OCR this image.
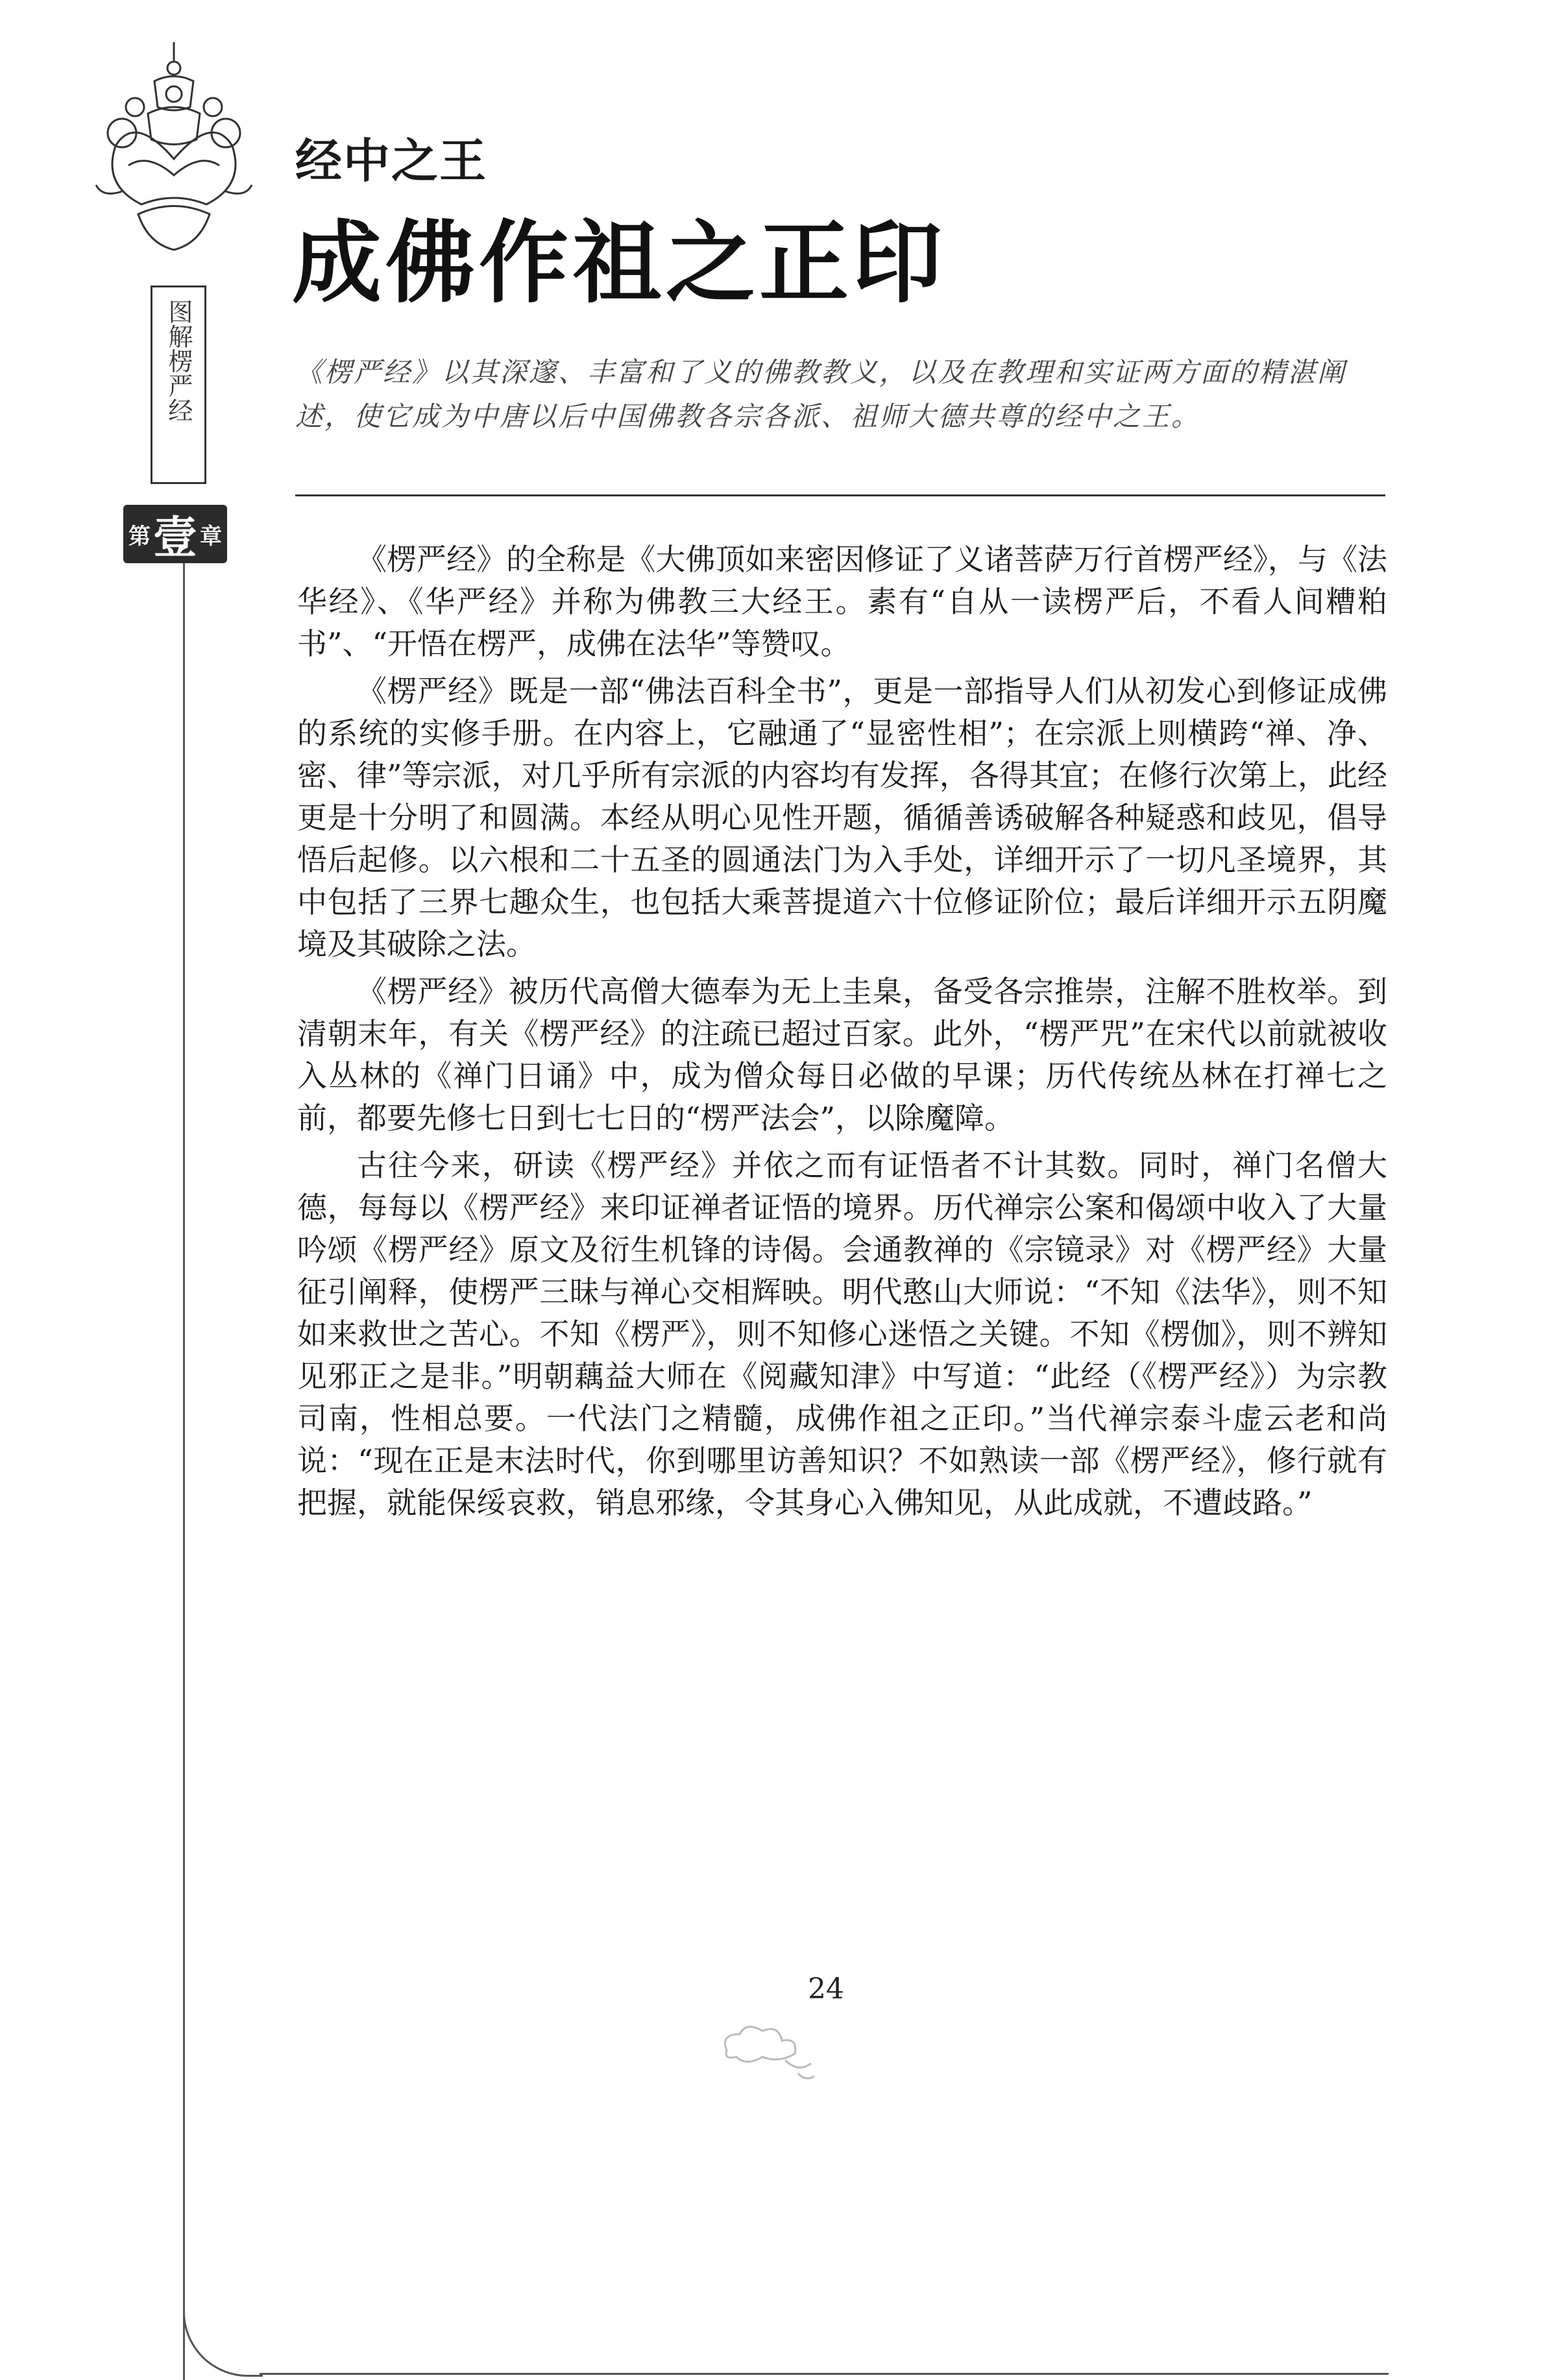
图
解
楞
严
经
第 壹 章
经中之王
成佛作祖之正印
《楞严经》以其深邃、丰富和了义的佛教教义，以及在教理和实证两方面的精湛阐述，使它成为中唐以后中国佛教各宗各派、祖师大德共尊的经中之王。

《楞严经》的全称是《大佛顶如来密因修证了义诸菩萨万行首楞严经》，与《法华经》、《华严经》并称为佛教三大经王。素有“自从一读楞严后，不看人间糟粕书”、“开悟在楞严，成佛在法华”等赞叹。

《楞严经》既是一部“佛法百科全书”，更是一部指导人们从初发心到修证成佛的系统的实修手册。在内容上，它融通了“显密性相”；在宗派上则横跨“禅、净、密、律”等宗派，对几乎所有宗派的内容均有发挥，各得其宜；在修行次第上，此经更是十分明了和圆满。本经从明心见性开题，循循善诱破解各种疑惑和歧见，倡导悟后起修。以六根和二十五圣的圆通法门为入手处，详细开示了一切凡圣境界，其中包括了三界七趣众生，也包括大乘菩提道六十位修证阶位；最后详细开示五阴魔境及其破除之法。

《楞严经》被历代高僧大德奉为无上圭臬，备受各宗推崇，注解不胜枚举。到清朝末年，有关《楞严经》的注疏已超过百家。此外，“楞严咒”在宋代以前就被收入丛林的《禅门日诵》中，成为僧众每日必做的早课；历代传统丛林在打禅七之前，都要先修七日到七七日的“楞严法会”，以除魔障。

古往今来，研读《楞严经》并依之而有证悟者不计其数。同时，禅门名僧大德，每每以《楞严经》来印证禅者证悟的境界。历代禅宗公案和偈颂中收入了大量吟颂《楞严经》原文及衍生机锋的诗偈。会通教禅的《宗镜录》对《楞严经》大量征引阐释，使楞严三昧与禅心交相辉映。明代憨山大师说：“不知《法华》，则不知如来救世之苦心。不知《楞严》，则不知修心迷悟之关键。不知《楞伽》，则不辨知见邪正之是非。”明朝藕益大师在《阅藏知津》中写道：“此经（《楞严经》）为宗教司南，性相总要。一代法门之精髓，成佛作祖之正印。”当代禅宗泰斗虚云老和尚说：“现在正是末法时代，你到哪里访善知识？不如熟读一部《楞严经》，修行就有把握，就能保绥哀救，销息邪缘，令其身心入佛知见，从此成就，不遭歧路。”

24
